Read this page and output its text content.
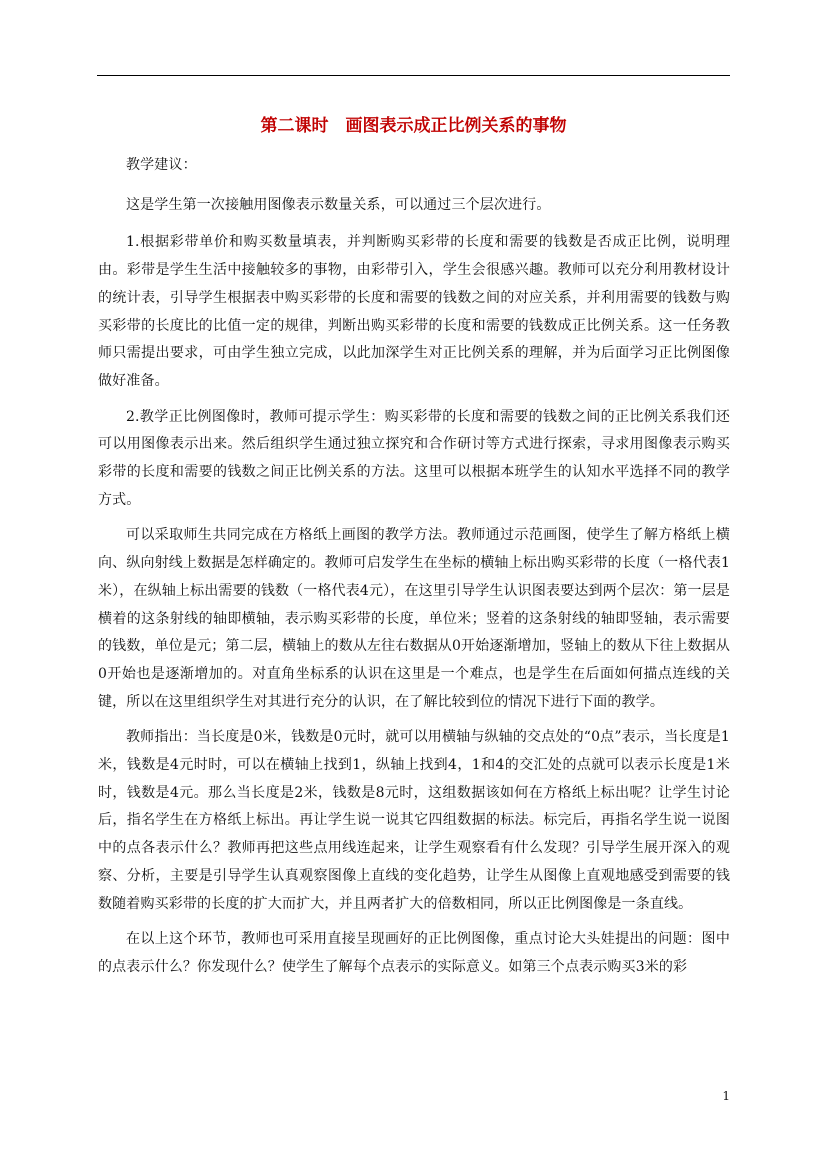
第二课时　画图表示成正比例关系的事物

教学建议：

这是学生第一次接触用图像表示数量关系，可以通过三个层次进行。

1.根据彩带单价和购买数量填表，并判断购买彩带的长度和需要的钱数是否成正比例，说明理由。彩带是学生生活中接触较多的事物，由彩带引入，学生会很感兴趣。教师可以充分利用教材设计的统计表，引导学生根据表中购买彩带的长度和需要的钱数之间的对应关系，并利用需要的钱数与购买彩带的长度比的比值一定的规律，判断出购买彩带的长度和需要的钱数成正比例关系。这一任务教师只需提出要求，可由学生独立完成，以此加深学生对正比例关系的理解，并为后面学习正比例图像做好准备。

2.教学正比例图像时，教师可提示学生：购买彩带的长度和需要的钱数之间的正比例关系我们还可以用图像表示出来。然后组织学生通过独立探究和合作研讨等方式进行探索，寻求用图像表示购买彩带的长度和需要的钱数之间正比例关系的方法。这里可以根据本班学生的认知水平选择不同的教学方式。

可以采取师生共同完成在方格纸上画图的教学方法。教师通过示范画图，使学生了解方格纸上横向、纵向射线上数据是怎样确定的。教师可启发学生在坐标的横轴上标出购买彩带的长度（一格代表1米），在纵轴上标出需要的钱数（一格代表4元），在这里引导学生认识图表要达到两个层次：第一层是横着的这条射线的轴即横轴，表示购买彩带的长度，单位米；竖着的这条射线的轴即竖轴，表示需要的钱数，单位是元；第二层，横轴上的数从左往右数据从0开始逐渐增加，竖轴上的数从下往上数据从0开始也是逐渐增加的。对直角坐标系的认识在这里是一个难点，也是学生在后面如何描点连线的关键，所以在这里组织学生对其进行充分的认识，在了解比较到位的情况下进行下面的教学。

教师指出：当长度是0米，钱数是0元时，就可以用横轴与纵轴的交点处的“0点”表示，当长度是1米，钱数是4元时时，可以在横轴上找到1，纵轴上找到4，1和4的交汇处的点就可以表示长度是1米时，钱数是4元。那么当长度是2米，钱数是8元时，这组数据该如何在方格纸上标出呢？让学生讨论后，指名学生在方格纸上标出。再让学生说一说其它四组数据的标法。标完后，再指名学生说一说图中的点各表示什么？教师再把这些点用线连起来，让学生观察看有什么发现？引导学生展开深入的观察、分析，主要是引导学生认真观察图像上直线的变化趋势，让学生从图像上直观地感受到需要的钱数随着购买彩带的长度的扩大而扩大，并且两者扩大的倍数相同，所以正比例图像是一条直线。

在以上这个环节，教师也可采用直接呈现画好的正比例图像，重点讨论大头娃提出的问题：图中的点表示什么？你发现什么？使学生了解每个点表示的实际意义。如第三个点表示购买3米的彩

1
